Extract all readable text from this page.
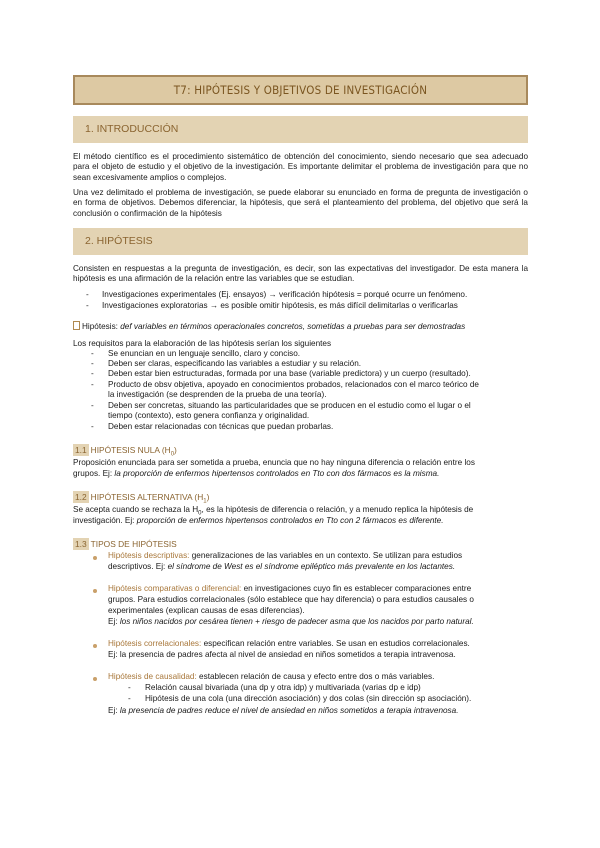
T7: HIPÓTESIS Y OBJETIVOS DE INVESTIGACIÓN
1. INTRODUCCIÓN
El método científico es el procedimiento sistemático de obtención del conocimiento, siendo necesario que sea adecuado para el objeto de estudio y el objetivo de la investigación. Es importante delimitar el problema de investigación para que no sean excesivamente amplios o complejos.
Una vez delimitado el problema de investigación, se puede elaborar su enunciado en forma de pregunta de investigación o en forma de objetivos. Debemos diferenciar, la hipótesis, que será el planteamiento del problema, del objetivo que será la conclusión o confirmación de la hipótesis
2. HIPÓTESIS
Consisten en respuestas a la pregunta de investigación, es decir, son las expectativas del investigador. De esta manera la hipótesis es una afirmación de la relación entre las variables que se estudian.
- Investigaciones experimentales (Ej. ensayos) → verificación hipótesis = porqué ocurre un fenómeno.
- Investigaciones exploratorias → es posible omitir hipótesis, es más difícil delimitarlas o verificarlas
Hipótesis: def variables en términos operacionales concretos, sometidas a pruebas para ser demostradas
Los requisitos para la elaboración de las hipótesis serían los siguientes
- Se enuncian en un lenguaje sencillo, claro y conciso.
- Deben ser claras, especificando las variables a estudiar y su relación.
- Deben estar bien estructuradas, formada por una base (variable predictora) y un cuerpo (resultado).
- Producto de obsv objetiva, apoyado en conocimientos probados, relacionados con el marco teórico de
la investigación (se desprenden de la prueba de una teoría).
- Deben ser concretas, situando las particularidades que se producen en el estudio como el lugar o el
tiempo (contexto), esto genera confianza y originalidad.
- Deben estar relacionadas con técnicas que puedan probarlas.
1.1 HIPÓTESIS NULA $(H_0)$
Proposición enunciada para ser sometida a prueba, enuncia que no hay ninguna diferencia o relación entre los
grupos. Ej: la proporción de enfermos hipertensos controlados en Tto con dos fármacos es la misma.
1.2 HIPÓTESIS ALTERNATIVA $(H_1)$
Se acepta cuando se rechaza la $H_0$, es la hipótesis de diferencia o relación, y a menudo replica la hipótesis de
investigación. Ej: proporción de enfermos hipertensos controlados en Tto con 2 fármacos es diferente.
1.3 TIPOS DE HIPÓTESIS
Hipótesis descriptivas: generalizaciones de las variables en un contexto. Se utilizan para estudios
descriptivos. Ej: el síndrome de West es el síndrome epiléptico más prevalente en los lactantes.
Hipótesis comparativas o diferencial: en investigaciones cuyo fin es establecer comparaciones entre
grupos. Para estudios correlacionales (sólo establece que hay diferencia) o para estudios causales o
experimentales (explican causas de esas diferencias).
Ej: los niños nacidos por cesárea tienen + riesgo de padecer asma que los nacidos por parto natural.
Hipótesis correlacionales: especifican relación entre variables. Se usan en estudios correlacionales.
Ej: la presencia de padres afecta al nivel de ansiedad en niños sometidos a terapia intravenosa.
Hipótesis de causalidad: establecen relación de causa y efecto entre dos o más variables.
- Relación causal bivariada (una dp y otra idp) y multivariada (varias dp e idp)
- Hipótesis de una cola (una dirección asociación) y dos colas (sin dirección sp asociación).
Ej: la presencia de padres reduce el nivel de ansiedad en niños sometidos a terapia intravenosa.
